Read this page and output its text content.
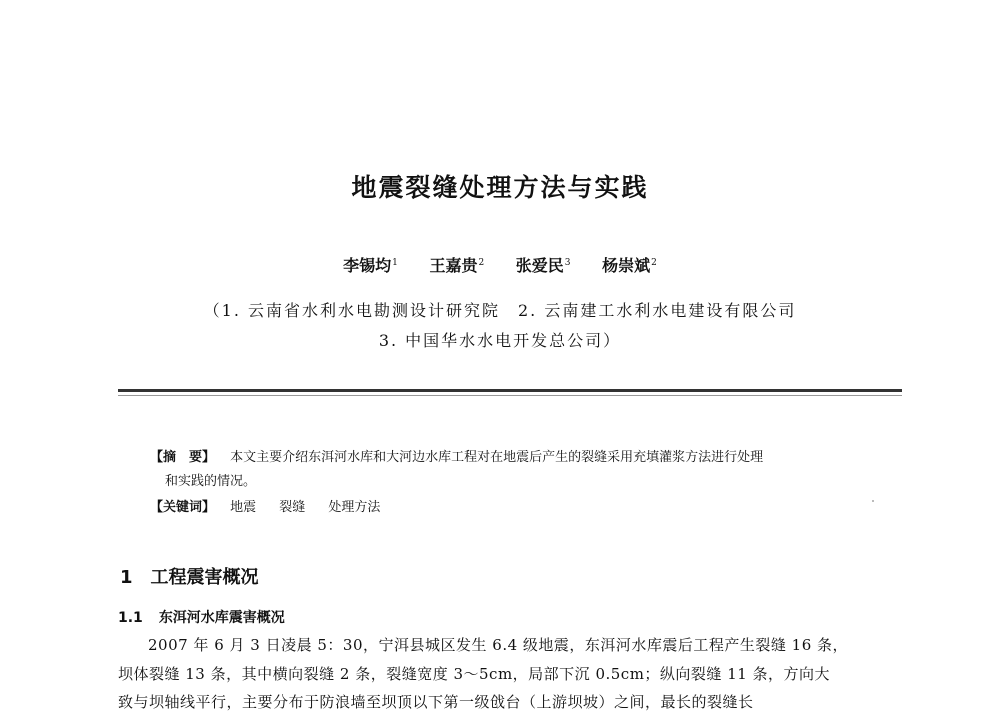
地震裂缝处理方法与实践
李锡均$^1$ 王嘉贵$^2$ 张爱民$^3$ 杨崇斌$^2$
（1. 云南省水利水电勘测设计研究院　2. 云南建工水利水电建设有限公司
3. 中国华水水电开发总公司）
【摘　要】 本文主要介绍东洱河水库和大河边水库工程对在地震后产生的裂缝采用充填灌浆方法进行处理
和实践的情况。
【关键词】 地震 裂缝 处理方法
1 工程震害概况
1.1 东洱河水库震害概况
2007 年 6 月 3 日凌晨 5：30，宁洱县城区发生 6.4 级地震，东洱河水库震后工程产生裂缝 16 条，
坝体裂缝 13 条，其中横向裂缝 2 条，裂缝宽度 3～5cm，局部下沉 0.5cm；纵向裂缝 11 条，方向大
致与坝轴线平行，主要分布于防浪墙至坝顶以下第一级戗台（上游坝坡）之间，最长的裂缝长
